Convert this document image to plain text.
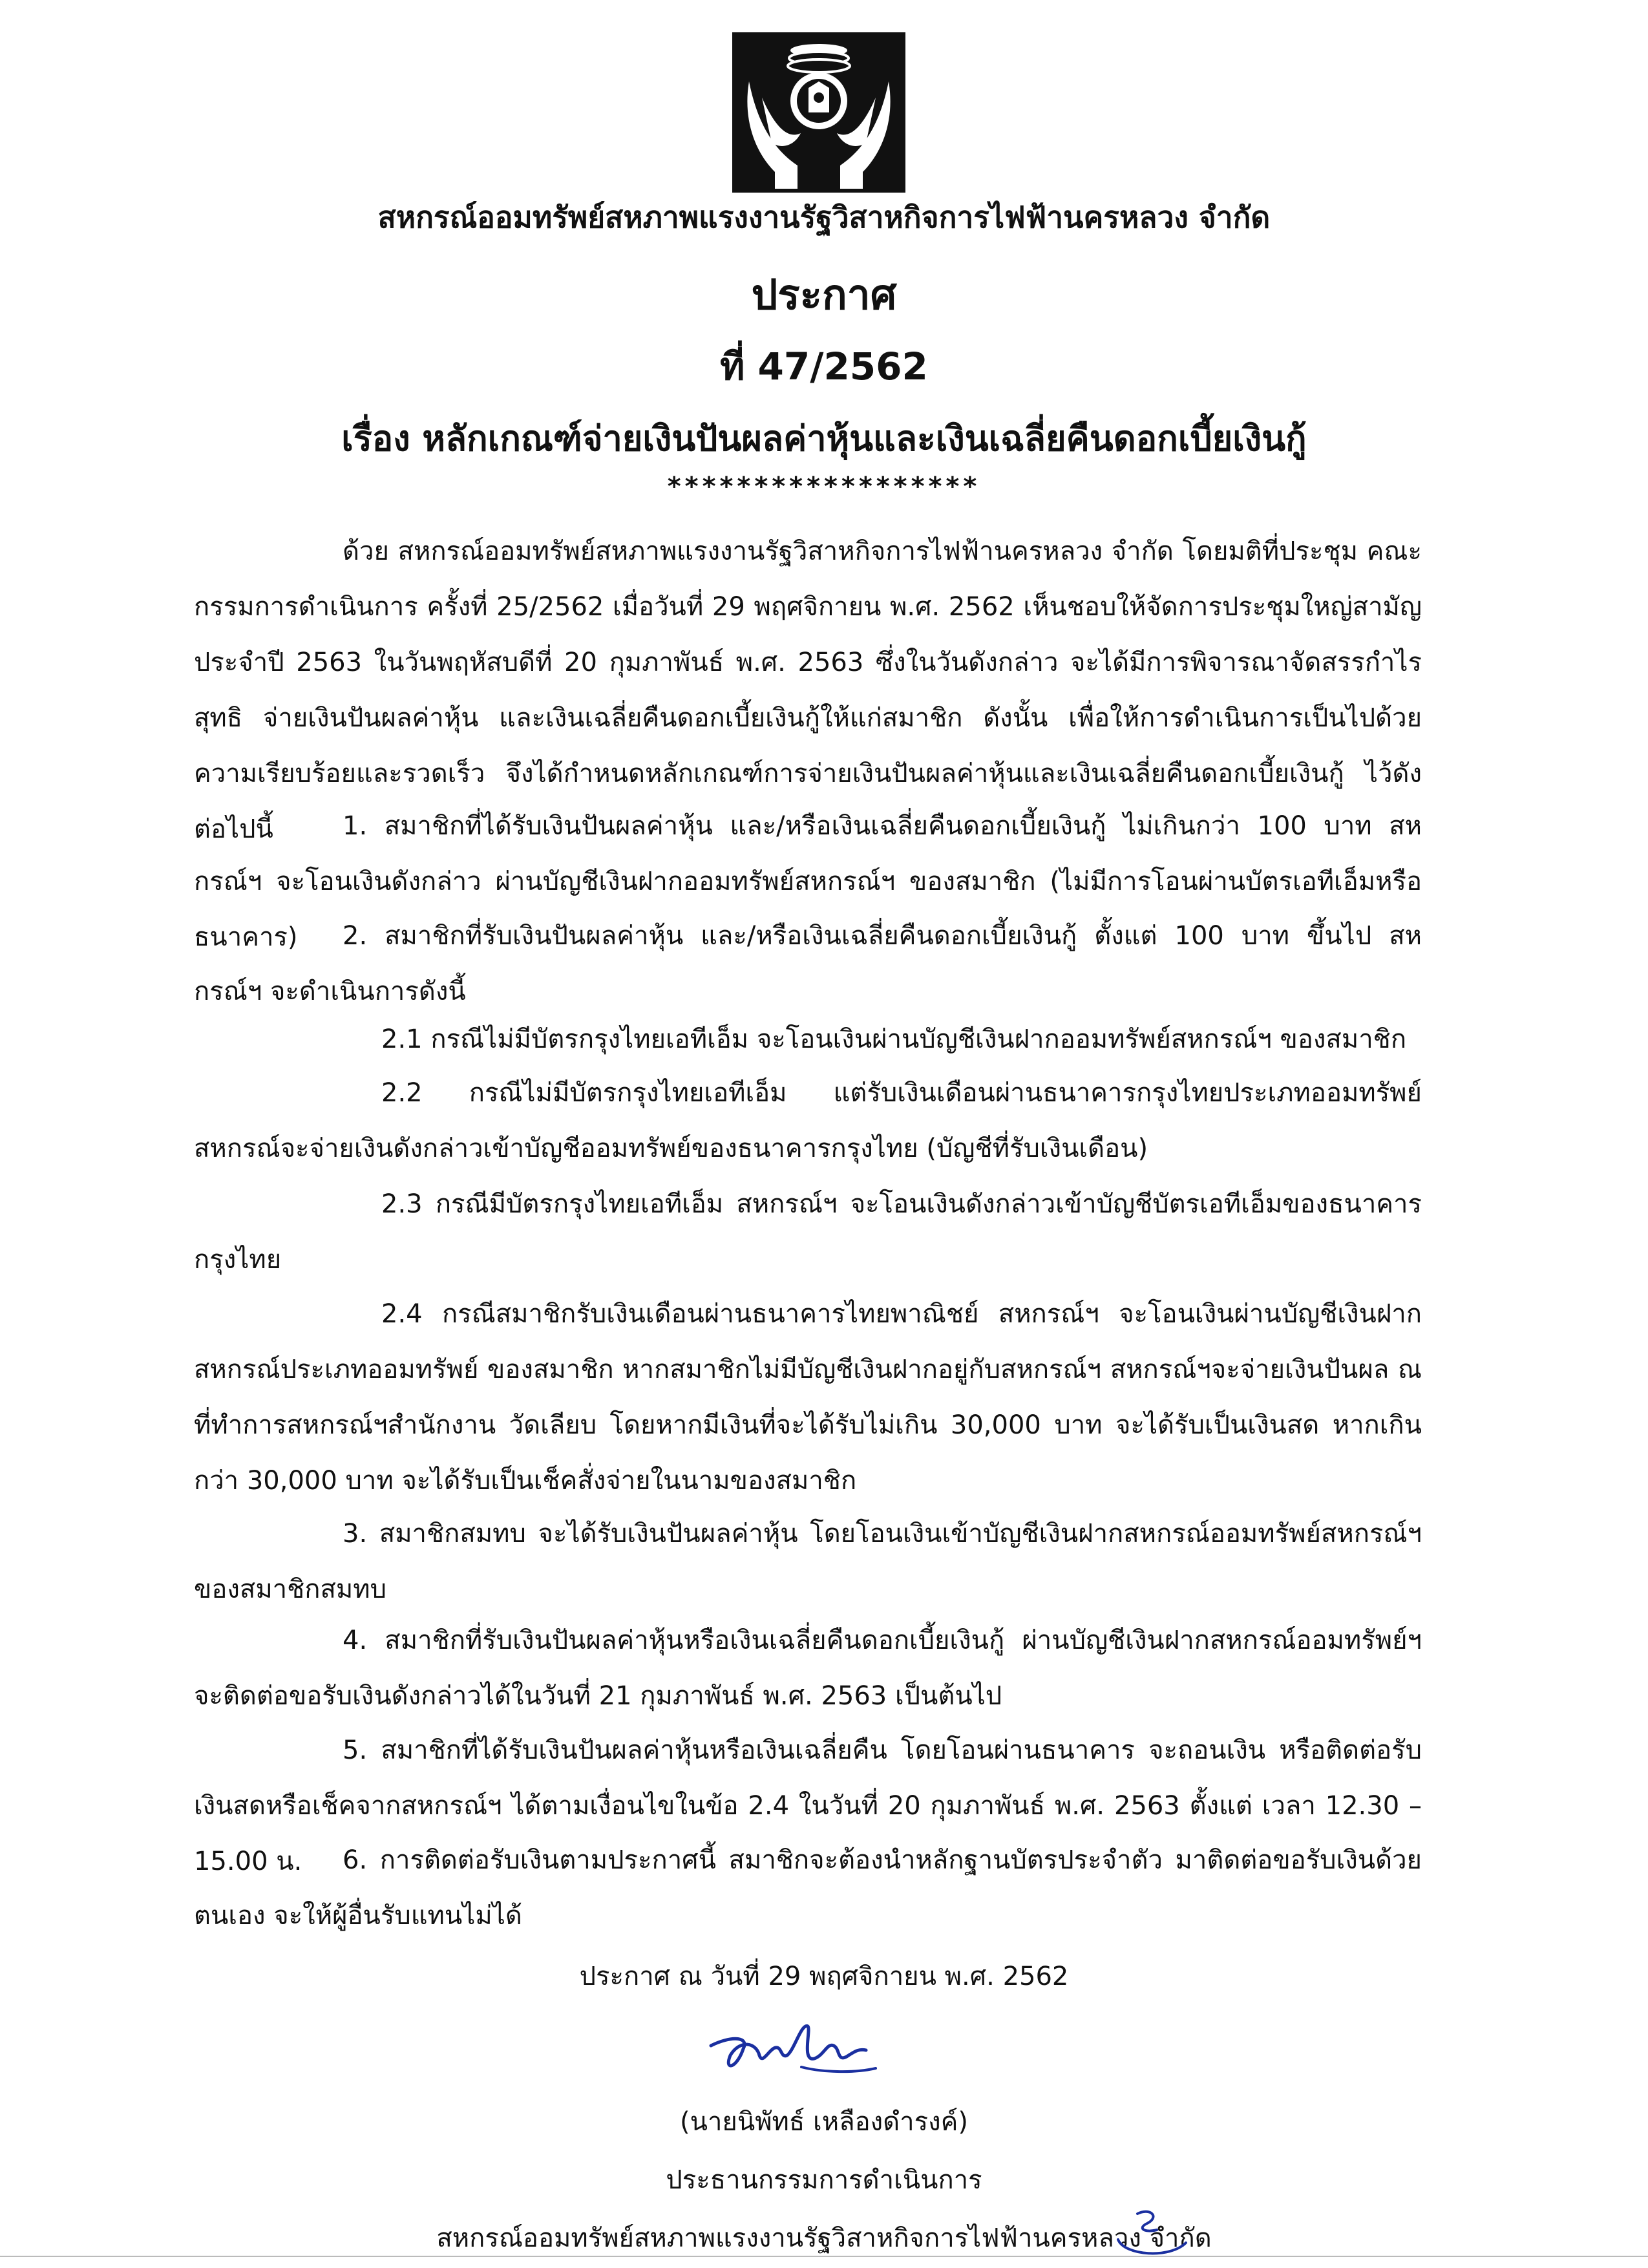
สหกรณ์ออมทรัพย์สหภาพแรงงานรัฐวิสาหกิจการไฟฟ้านครหลวง จำกัด
ประกาศ
ที่ 47/2562
เรื่อง หลักเกณฑ์จ่ายเงินปันผลค่าหุ้นและเงินเฉลี่ยคืนดอกเบี้ยเงินกู้
******************
ด้วย สหกรณ์ออมทรัพย์สหภาพแรงงานรัฐวิสาหกิจการไฟฟ้านครหลวง จำกัด โดยมติที่ประชุม คณะกรรมการดำเนินการ ครั้งที่ 25/2562 เมื่อวันที่ 29 พฤศจิกายน พ.ศ. 2562 เห็นชอบให้จัดการประชุมใหญ่สามัญประจำปี 2563 ในวันพฤหัสบดีที่ 20 กุมภาพันธ์ พ.ศ. 2563 ซึ่งในวันดังกล่าว จะได้มีการพิจารณาจัดสรรกำไรสุทธิ จ่ายเงินปันผลค่าหุ้น และเงินเฉลี่ยคืนดอกเบี้ยเงินกู้ให้แก่สมาชิก ดังนั้น เพื่อให้การดำเนินการเป็นไปด้วยความเรียบร้อยและรวดเร็ว จึงได้กำหนดหลักเกณฑ์การจ่ายเงินปันผลค่าหุ้นและเงินเฉลี่ยคืนดอกเบี้ยเงินกู้ ไว้ดังต่อไปนี้	1. สมาชิกที่ได้รับเงินปันผลค่าหุ้น และ/หรือเงินเฉลี่ยคืนดอกเบี้ยเงินกู้ ไม่เกินกว่า 100 บาท สหกรณ์ฯ จะโอนเงินดังกล่าว ผ่านบัญชีเงินฝากออมทรัพย์สหกรณ์ฯ ของสมาชิก (ไม่มีการโอนผ่านบัตรเอทีเอ็มหรือธนาคาร)	2. สมาชิกที่รับเงินปันผลค่าหุ้น และ/หรือเงินเฉลี่ยคืนดอกเบี้ยเงินกู้ ตั้งแต่ 100 บาท ขึ้นไป สหกรณ์ฯ จะดำเนินการดังนี้
2.1 กรณีไม่มีบัตรกรุงไทยเอทีเอ็ม จะโอนเงินผ่านบัญชีเงินฝากออมทรัพย์สหกรณ์ฯ ของสมาชิก
2.2 กรณีไม่มีบัตรกรุงไทยเอทีเอ็ม แต่รับเงินเดือนผ่านธนาคารกรุงไทยประเภทออมทรัพย์ สหกรณ์จะจ่ายเงินดังกล่าวเข้าบัญชีออมทรัพย์ของธนาคารกรุงไทย (บัญชีที่รับเงินเดือน)
2.3 กรณีมีบัตรกรุงไทยเอทีเอ็ม สหกรณ์ฯ จะโอนเงินดังกล่าวเข้าบัญชีบัตรเอทีเอ็มของธนาคารกรุงไทย
2.4 กรณีสมาชิกรับเงินเดือนผ่านธนาคารไทยพาณิชย์ สหกรณ์ฯ จะโอนเงินผ่านบัญชีเงินฝากสหกรณ์ประเภทออมทรัพย์ ของสมาชิก หากสมาชิกไม่มีบัญชีเงินฝากอยู่กับสหกรณ์ฯ สหกรณ์ฯจะจ่ายเงินปันผล ณ ที่ทำการสหกรณ์ฯสำนักงาน วัดเลียบ โดยหากมีเงินที่จะได้รับไม่เกิน 30,000 บาท จะได้รับเป็นเงินสด หากเกินกว่า 30,000 บาท จะได้รับเป็นเช็คสั่งจ่ายในนามของสมาชิก
3. สมาชิกสมทบ จะได้รับเงินปันผลค่าหุ้น โดยโอนเงินเข้าบัญชีเงินฝากสหกรณ์ออมทรัพย์สหกรณ์ฯ ของสมาชิกสมทบ
4. สมาชิกที่รับเงินปันผลค่าหุ้นหรือเงินเฉลี่ยคืนดอกเบี้ยเงินกู้ ผ่านบัญชีเงินฝากสหกรณ์ออมทรัพย์ฯ จะติดต่อขอรับเงินดังกล่าวได้ในวันที่ 21 กุมภาพันธ์ พ.ศ. 2563 เป็นต้นไป
5. สมาชิกที่ได้รับเงินปันผลค่าหุ้นหรือเงินเฉลี่ยคืน โดยโอนผ่านธนาคาร จะถอนเงิน หรือติดต่อรับเงินสดหรือเช็คจากสหกรณ์ฯ ได้ตามเงื่อนไขในข้อ 2.4 ในวันที่ 20 กุมภาพันธ์ พ.ศ. 2563 ตั้งแต่ เวลา 12.30 – 15.00 น.	6. การติดต่อรับเงินตามประกาศนี้ สมาชิกจะต้องนำหลักฐานบัตรประจำตัว มาติดต่อขอรับเงินด้วยตนเอง จะให้ผู้อื่นรับแทนไม่ได้
ประกาศ ณ วันที่ 29 พฤศจิกายน พ.ศ. 2562
(นายนิพัทธ์ เหลืองดำรงค์)
ประธานกรรมการดำเนินการ
สหกรณ์ออมทรัพย์สหภาพแรงงานรัฐวิสาหกิจการไฟฟ้านครหลวง จำกัด
